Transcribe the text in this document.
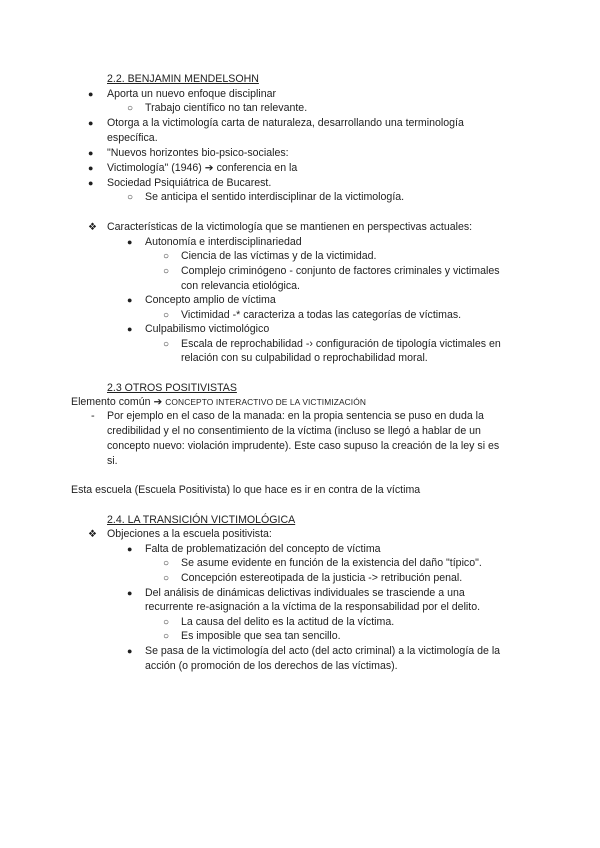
2.2. BENJAMIN MENDELSOHN
●
Aporta un nuevo enfoque disciplinar
○
Trabajo científico no tan relevante.
●
Otorga a la victimología carta de naturaleza, desarrollando una terminología
específica.
●
"Nuevos horizontes bio-psico-sociales:
●
Victimología" (1946) ➔ conferencia en la
●
Sociedad Psiquiátrica de Bucarest.
○
Se anticipa el sentido interdisciplinar de la victimología.
❖
Características de la victimología que se mantienen en perspectivas actuales:
●
Autonomía e interdisciplinariedad
○
Ciencia de las víctimas y de la victimidad.
○
Complejo criminógeno - conjunto de factores criminales y victimales
con relevancia etiológica.
●
Concepto amplio de víctima
○
Victimidad -* caracteriza a todas las categorías de víctimas.
●
Culpabilismo victimológico
○
Escala de reprochabilidad -› configuración de tipología victimales en
relación con su culpabilidad o reprochabilidad moral.
2.3 OTROS POSITIVISTAS
Elemento común ➔ CONCEPTO INTERACTIVO DE LA VICTIMIZACIÓN
-
Por ejemplo en el caso de la manada: en la propia sentencia se puso en duda la
credibilidad y el no consentimiento de la víctima (incluso se llegó a hablar de un
concepto nuevo: violación imprudente). Este caso supuso la creación de la ley si es
si.
Esta escuela (Escuela Positivista) lo que hace es ir en contra de la víctima
2.4. LA TRANSICIÓN VICTIMOLÓGICA
❖
Objeciones a la escuela positivista:
●
Falta de problematización del concepto de víctima
○
Se asume evidente en función de la existencia del daño "típico".
○
Concepción estereotipada de la justicia -> retribución penal.
●
Del análisis de dinámicas delictivas individuales se trasciende a una
recurrente re-asignación a la víctima de la responsabilidad por el delito.
○
La causa del delito es la actitud de la víctima.
○
Es imposible que sea tan sencillo.
●
Se pasa de la victimología del acto (del acto criminal) a la victimología de la
acción (o promoción de los derechos de las víctimas).
